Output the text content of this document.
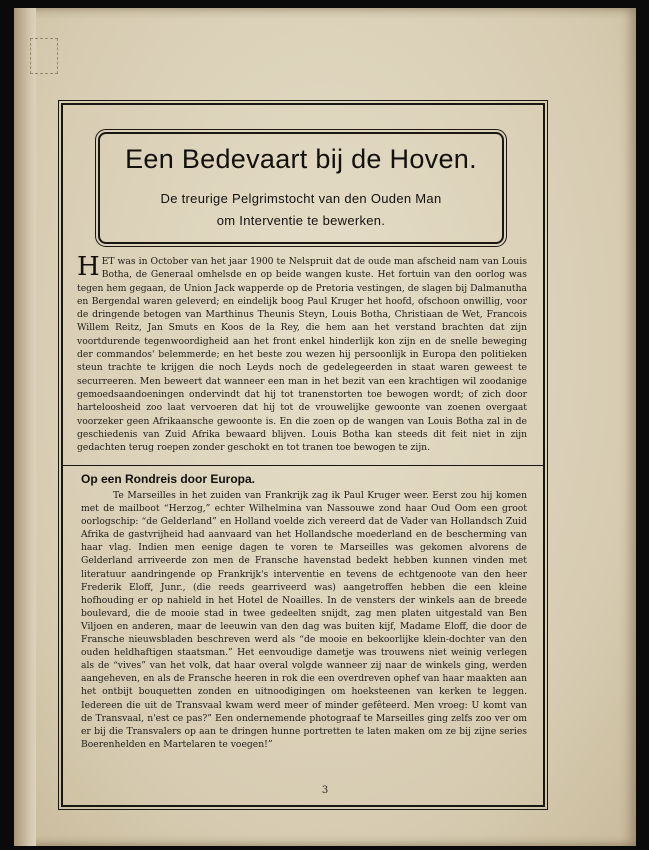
Een Bedevaart bij de Hoven.
De treurige Pelgrimstocht van den Ouden Man
om Interventie te bewerken.

HET was in October van het jaar 1900 te Nelspruit dat de oude man afscheid nam van Louis Botha, de Generaal omhelsde en op beide wangen kuste. Het fortuin van den oorlog was tegen hem gegaan, de Union Jack wapperde op de Pretoria vestingen, de slagen bij Dalmanutha en Bergendal waren geleverd; en eindelijk boog Paul Kruger het hoofd, ofschoon onwillig, voor de dringende betogen van Marthinus Theunis Steyn, Louis Botha, Christiaan de Wet, Francois Willem Reitz, Jan Smuts en Koos de la Rey, die hem aan het verstand brachten dat zijn voortdurende tegenwoordigheid aan het front enkel hinderlijk kon zijn en de snelle beweging der commandos' belemmerde; en het beste zou wezen hij persoonlijk in Europa den politieken steun trachte te krijgen die noch Leyds noch de gedelegeerden in staat waren geweest te securreeren. Men beweert dat wanneer een man in het bezit van een krachtigen wil zoodanige gemoedsaandoeningen ondervindt dat hij tot tranenstorten toe bewogen wordt; of zich door harteloosheid zoo laat vervoeren dat hij tot de vrouwelijke gewoonte van zoenen overgaat voorzeker geen Afrikaansche gewoonte is. En die zoen op de wangen van Louis Botha zal in de geschiedenis van Zuid Afrika bewaard blijven. Louis Botha kan steeds dit feit niet in zijn gedachten terug roepen zonder geschokt en tot tranen toe bewogen te zijn.

Op een Rondreis door Europa.

Te Marseilles in het zuiden van Frankrijk zag ik Paul Kruger weer. Eerst zou hij komen met de mailboot “Herzog,” echter Wilhelmina van Nassouwe zond haar Oud Oom een groot oorlogschip: “de Gelderland” en Holland voelde zich vereerd dat de Vader van Hollandsch Zuid Afrika de gastvrijheid had aanvaard van het Hollandsche moederland en de bescherming van haar vlag. Indien men eenige dagen te voren te Marseilles was gekomen alvorens de Gelderland arriveerde zon men de Fransche havenstad bedekt hebben kunnen vinden met literatuur aandringende op Frankrijk's interventie en tevens de echtgenoote van den heer Frederik Eloff, Junr., (die reeds gearriveerd was) aangetroffen hebben die een kleine hofhouding er op nahield in het Hotel de Noailles. In de vensters der winkels aan de breede boulevard, die de mooie stad in twee gedeelten snijdt, zag men platen uitgestald van Ben Viljoen en anderen, maar de leeuwin van den dag was buiten kijf, Madame Eloff, die door de Fransche nieuwsbladen beschreven werd als “de mooie en bekoorlijke klein-dochter van den ouden heldhaftigen staatsman.” Het eenvoudige dametje was trouwens niet weinig verlegen als de “vives” van het volk, dat haar overal volgde wanneer zij naar de winkels ging, werden aangeheven, en als de Fransche heeren in rok die een overdreven ophef van haar maakten aan het ontbijt bouquetten zonden en uitnoodigingen om hoeksteenen van kerken te leggen. Iedereen die uit de Transvaal kwam werd meer of minder gefêteerd. Men vroeg: U komt van de Transvaal, n'est ce pas?” Een ondernemende photograaf te Marseilles ging zelfs zoo ver om er bij die Transvalers op aan te dringen hunne portretten te laten maken om ze bij zijne series Boerenhelden en Martelaren te voegen!”

3
